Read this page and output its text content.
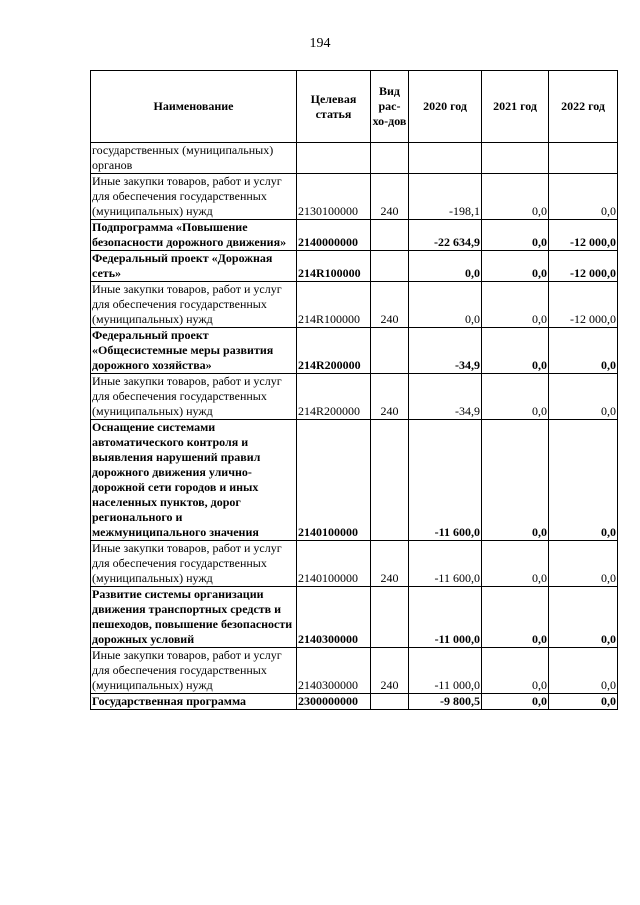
194
Наименование	Целевая статья	Вид рас-хо-дов	2020 год	2021 год	2022 год
государственных (муниципальных) органов					
Иные закупки товаров, работ и услуг для обеспечения государственных (муниципальных) нужд	2130100000	240	-198,1	0,0	0,0
Подпрограмма «Повышение безопасности дорожного движения»	2140000000		-22 634,9	0,0	-12 000,0
Федеральный проект «Дорожная сеть»	214R100000		0,0	0,0	-12 000,0
Иные закупки товаров, работ и услуг для обеспечения государственных (муниципальных) нужд	214R100000	240	0,0	0,0	-12 000,0
Федеральный проект «Общесистемные меры развития дорожного хозяйства»	214R200000		-34,9	0,0	0,0
Иные закупки товаров, работ и услуг для обеспечения государственных (муниципальных) нужд	214R200000	240	-34,9	0,0	0,0
Оснащение системами автоматического контроля и выявления нарушений правил дорожного движения улично-дорожной сети городов и иных населенных пунктов, дорог регионального и межмуниципального значения	2140100000		-11 600,0	0,0	0,0
Иные закупки товаров, работ и услуг для обеспечения государственных (муниципальных) нужд	2140100000	240	-11 600,0	0,0	0,0
Развитие системы организации движения транспортных средств и пешеходов, повышение безопасности дорожных условий	2140300000		-11 000,0	0,0	0,0
Иные закупки товаров, работ и услуг для обеспечения государственных (муниципальных) нужд	2140300000	240	-11 000,0	0,0	0,0
Государственная программа	2300000000		-9 800,5	0,0	0,0
